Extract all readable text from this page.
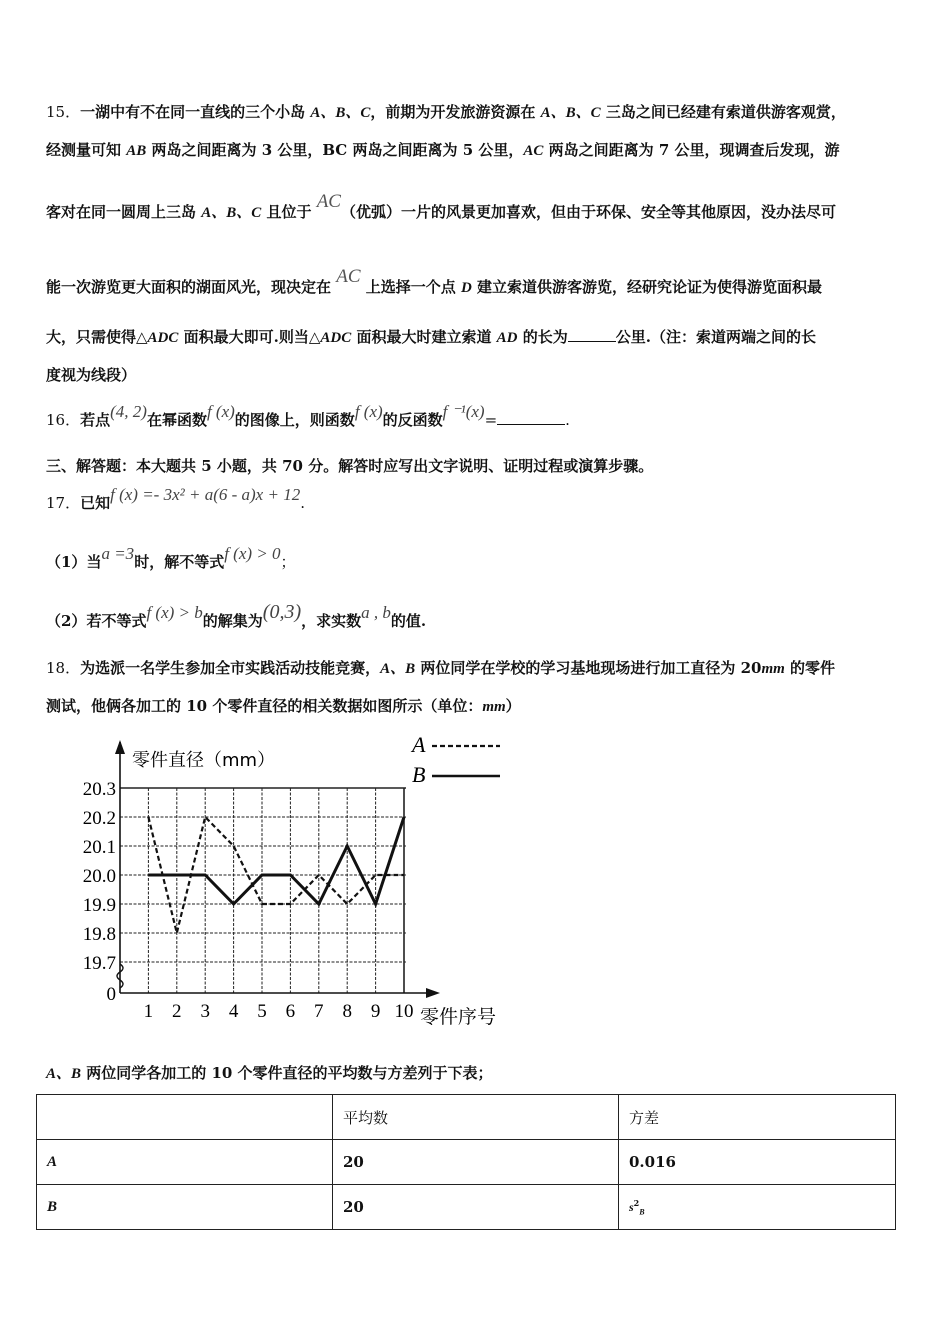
15．一湖中有不在同一直线的三个小岛 A、B、C，前期为开发旅游资源在 A、B、C 三岛之间已经建有索道供游客观赏，
经测量可知 AB 两岛之间距离为 3 公里，BC 两岛之间距离为 5 公里，AC 两岛之间距离为 7 公里，现调查后发现，游
客对在同一圆周上三岛 A、B、C 且位于 AC（优弧）一片的风景更加喜欢，但由于环保、安全等其他原因，没办法尽可
能一次游览更大面积的湖面风光，现决定在 AC 上选择一个点 D 建立索道供游客游览，经研究论证为使得游览面积最
大，只需使得△ADC 面积最大即可.则当△ADC 面积最大时建立索道 AD 的长为	公里.（注：索道两端之间的长
度视为线段）
16．若点(4, 2)在幂函数f (x)的图像上，则函数f (x)的反函数f ⁻¹(x)=	.
三、解答题：本大题共 5 小题，共 70 分。解答时应写出文字说明、证明过程或演算步骤。
17．已知f (x) =- 3x² + a(6 - a)x + 12.
（1）当a =3时，解不等式f (x) > 0；
（2）若不等式f (x) > b的解集为(0,3)，求实数a , b的值.
18．为选派一名学生参加全市实践活动技能竞赛，A、B 两位同学在学校的学习基地现场进行加工直径为 20mm 的零件
测试，他俩各加工的 10 个零件直径的相关数据如图所示（单位：mm）
零件直径（mm）
0
19.7
19.8
19.9
20.0
20.1
20.2
20.3
1 2 3 4 5 6 7 8 9 10 零件序号
A
B
A、B 两位同学各加工的 10 个零件直径的平均数与方差列于下表；
	平均数	方差
A	20	0.016
B	20	$s^2_B$
